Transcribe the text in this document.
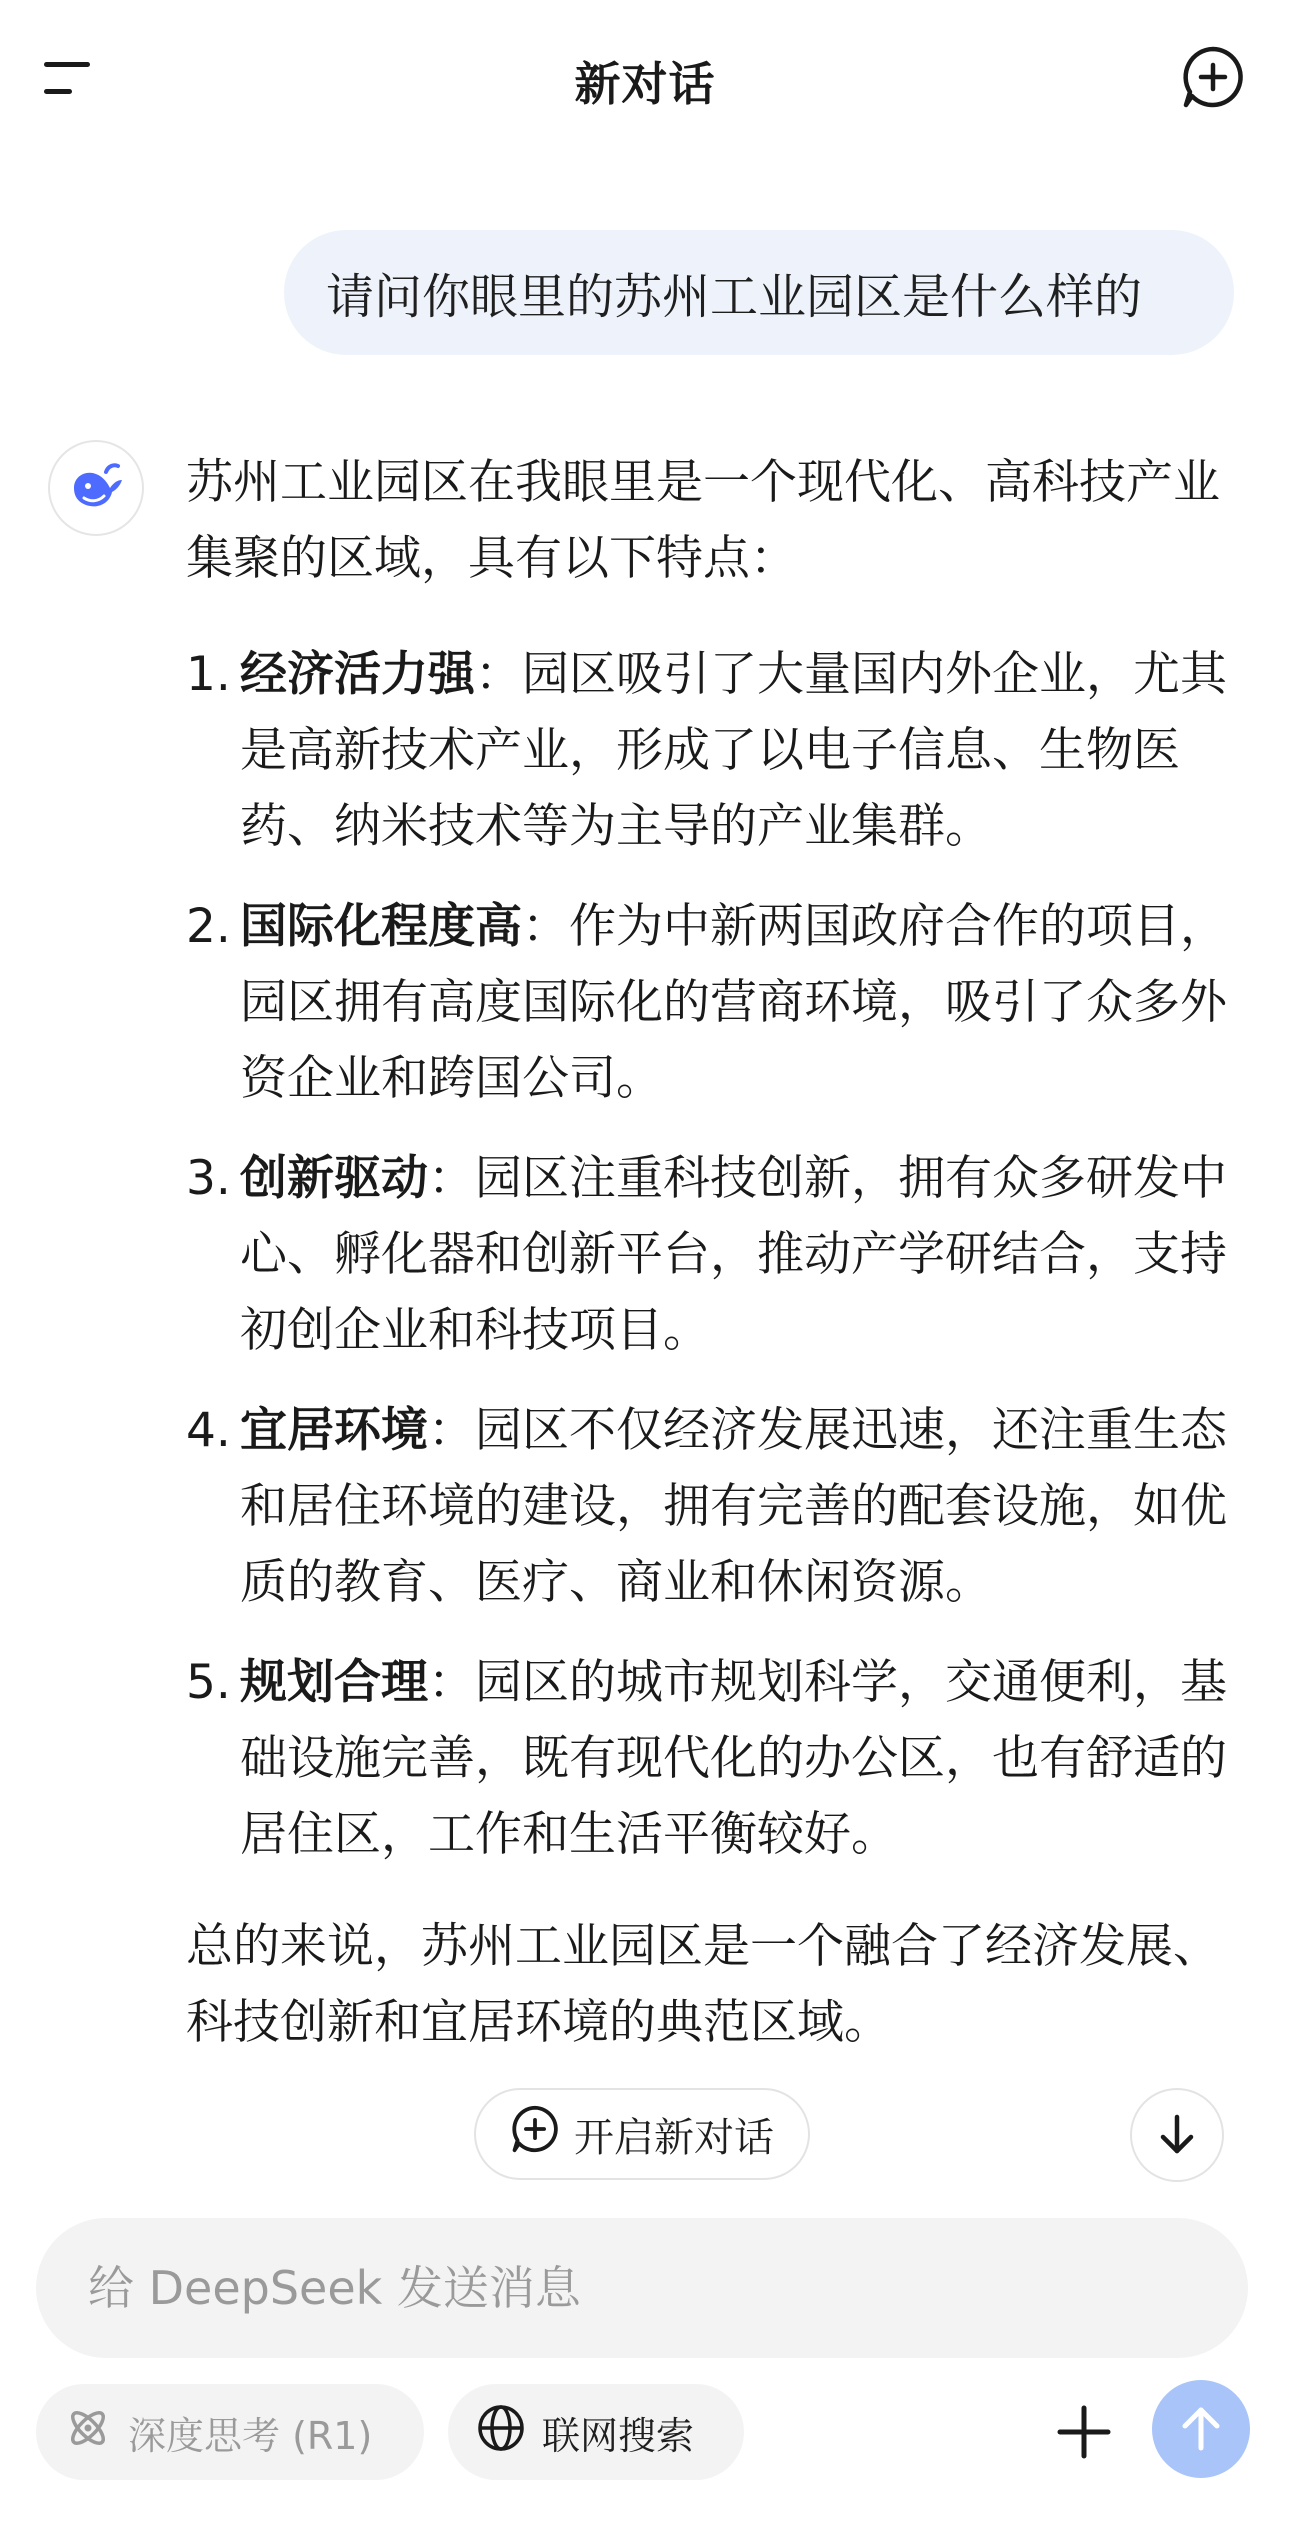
新对话
请问你眼里的苏州工业园区是什么样的

苏州工业园区在我眼里是一个现代化、高科技产业集聚的区域，具有以下特点：

1. 经济活力强：园区吸引了大量国内外企业，尤其是高新技术产业，形成了以电子信息、生物医药、纳米技术等为主导的产业集群。
2. 国际化程度高：作为中新两国政府合作的项目，园区拥有高度国际化的营商环境，吸引了众多外资企业和跨国公司。
3. 创新驱动：园区注重科技创新，拥有众多研发中心、孵化器和创新平台，推动产学研结合，支持初创企业和科技项目。
4. 宜居环境：园区不仅经济发展迅速，还注重生态和居住环境的建设，拥有完善的配套设施，如优质的教育、医疗、商业和休闲资源。
5. 规划合理：园区的城市规划科学，交通便利，基础设施完善，既有现代化的办公区，也有舒适的居住区，工作和生活平衡较好。

总的来说，苏州工业园区是一个融合了经济发展、科技创新和宜居环境的典范区域。

开启新对话
给 DeepSeek 发送消息
深度思考 (R1)	联网搜索
